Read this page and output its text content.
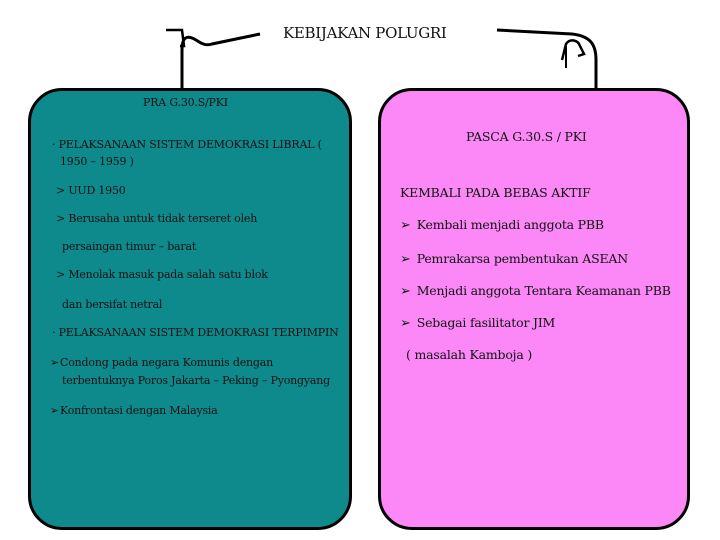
KEBIJAKAN POLUGRI
PRA G.30.S/PKI
· PELAKSANAAN SISTEM DEMOKRASI LIBRAL (
1950 – 1959 )
> UUD 1950
> Berusaha untuk tidak terseret oleh
persaingan timur – barat
> Menolak masuk pada salah satu blok
dan bersifat netral
· PELAKSANAAN SISTEM DEMOKRASI TERPIMPIN
➢Condong pada negara Komunis dengan
terbentuknya Poros Jakarta – Peking – Pyongyang
➢Konfrontasi dengan Malaysia
PASCA G.30.S / PKI
KEMBALI PADA BEBAS AKTIF
➢ Kembali menjadi anggota PBB
➢ Pemrakarsa pembentukan ASEAN
➢ Menjadi anggota Tentara Keamanan PBB
➢ Sebagai fasilitator JIM
( masalah Kamboja )
